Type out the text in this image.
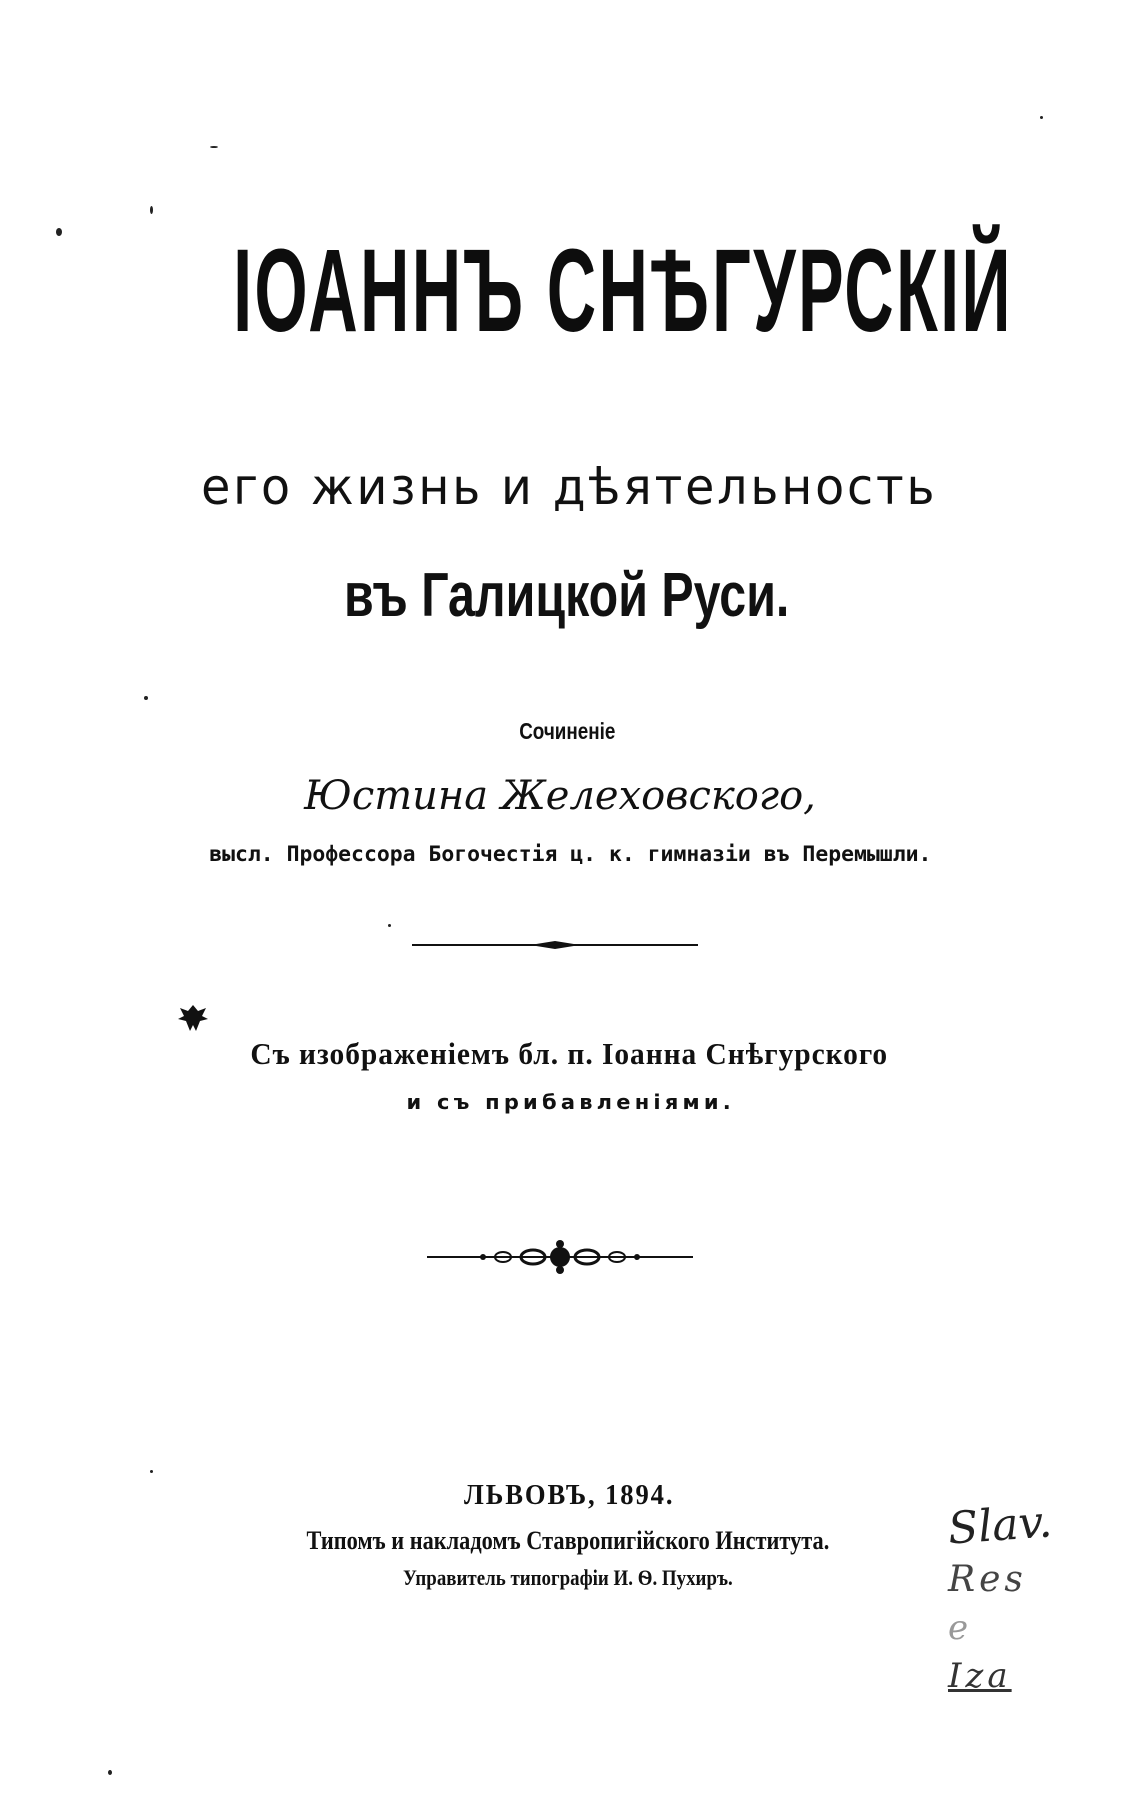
ІОАННЪ СНѢГУРСКІЙ
его жизнь и дѣятельность
въ Галицкой Руси.
Сочиненіе
Юстина Желеховского,
высл. Профессора Богочестія ц. к. гимназіи въ Перемышли.
Съ изображеніемъ бл. п. Іоанна Снѣгурского
и съ прибавленіями.
ЛЬВОВЪ, 1894.
Типомъ и накладомъ Ставропигійского Института.
Управитель типографіи И. Ѳ. Пухиръ.
Slav.
Res
e
Iza
